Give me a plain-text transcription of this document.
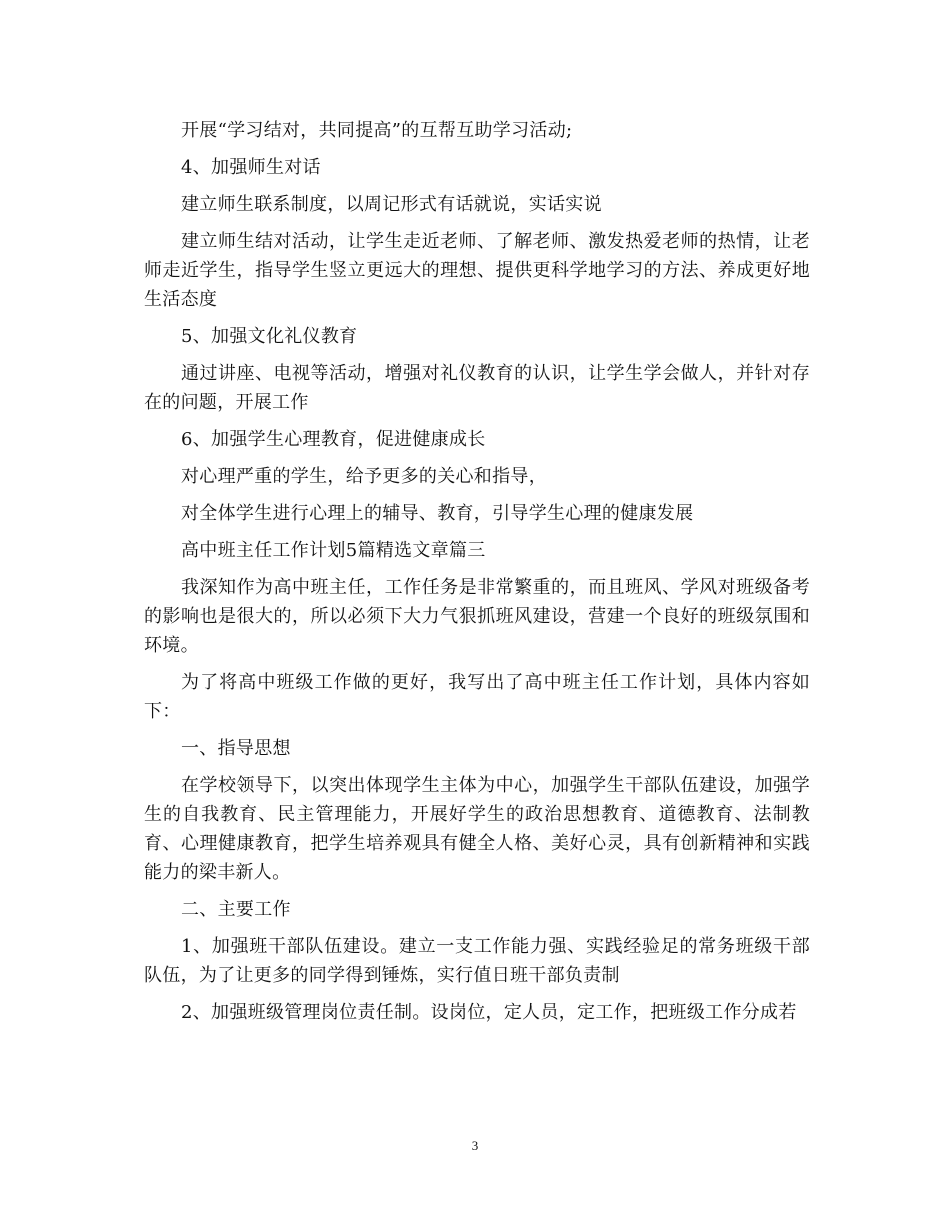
开展“学习结对，共同提高”的互帮互助学习活动;

4、加强师生对话

建立师生联系制度，以周记形式有话就说，实话实说

建立师生结对活动，让学生走近老师、了解老师、激发热爱老师的热情，让老师走近学生，指导学生竖立更远大的理想、提供更科学地学习的方法、养成更好地生活态度

5、加强文化礼仪教育

通过讲座、电视等活动，增强对礼仪教育的认识，让学生学会做人，并针对存在的问题，开展工作

6、加强学生心理教育，促进健康成长

对心理严重的学生，给予更多的关心和指导，

对全体学生进行心理上的辅导、教育，引导学生心理的健康发展

高中班主任工作计划5篇精选文章篇三

我深知作为高中班主任，工作任务是非常繁重的，而且班风、学风对班级备考的影响也是很大的，所以必须下大力气狠抓班风建设，营建一个良好的班级氛围和环境。

为了将高中班级工作做的更好，我写出了高中班主任工作计划，具体内容如下：

一、指导思想

在学校领导下，以突出体现学生主体为中心，加强学生干部队伍建设，加强学生的自我教育、民主管理能力，开展好学生的政治思想教育、道德教育、法制教育、心理健康教育，把学生培养观具有健全人格、美好心灵，具有创新精神和实践能力的梁丰新人。

二、主要工作

1、加强班干部队伍建设。建立一支工作能力强、实践经验足的常务班级干部队伍，为了让更多的同学得到锤炼，实行值日班干部负责制

2、加强班级管理岗位责任制。设岗位，定人员，定工作，把班级工作分成若

3
